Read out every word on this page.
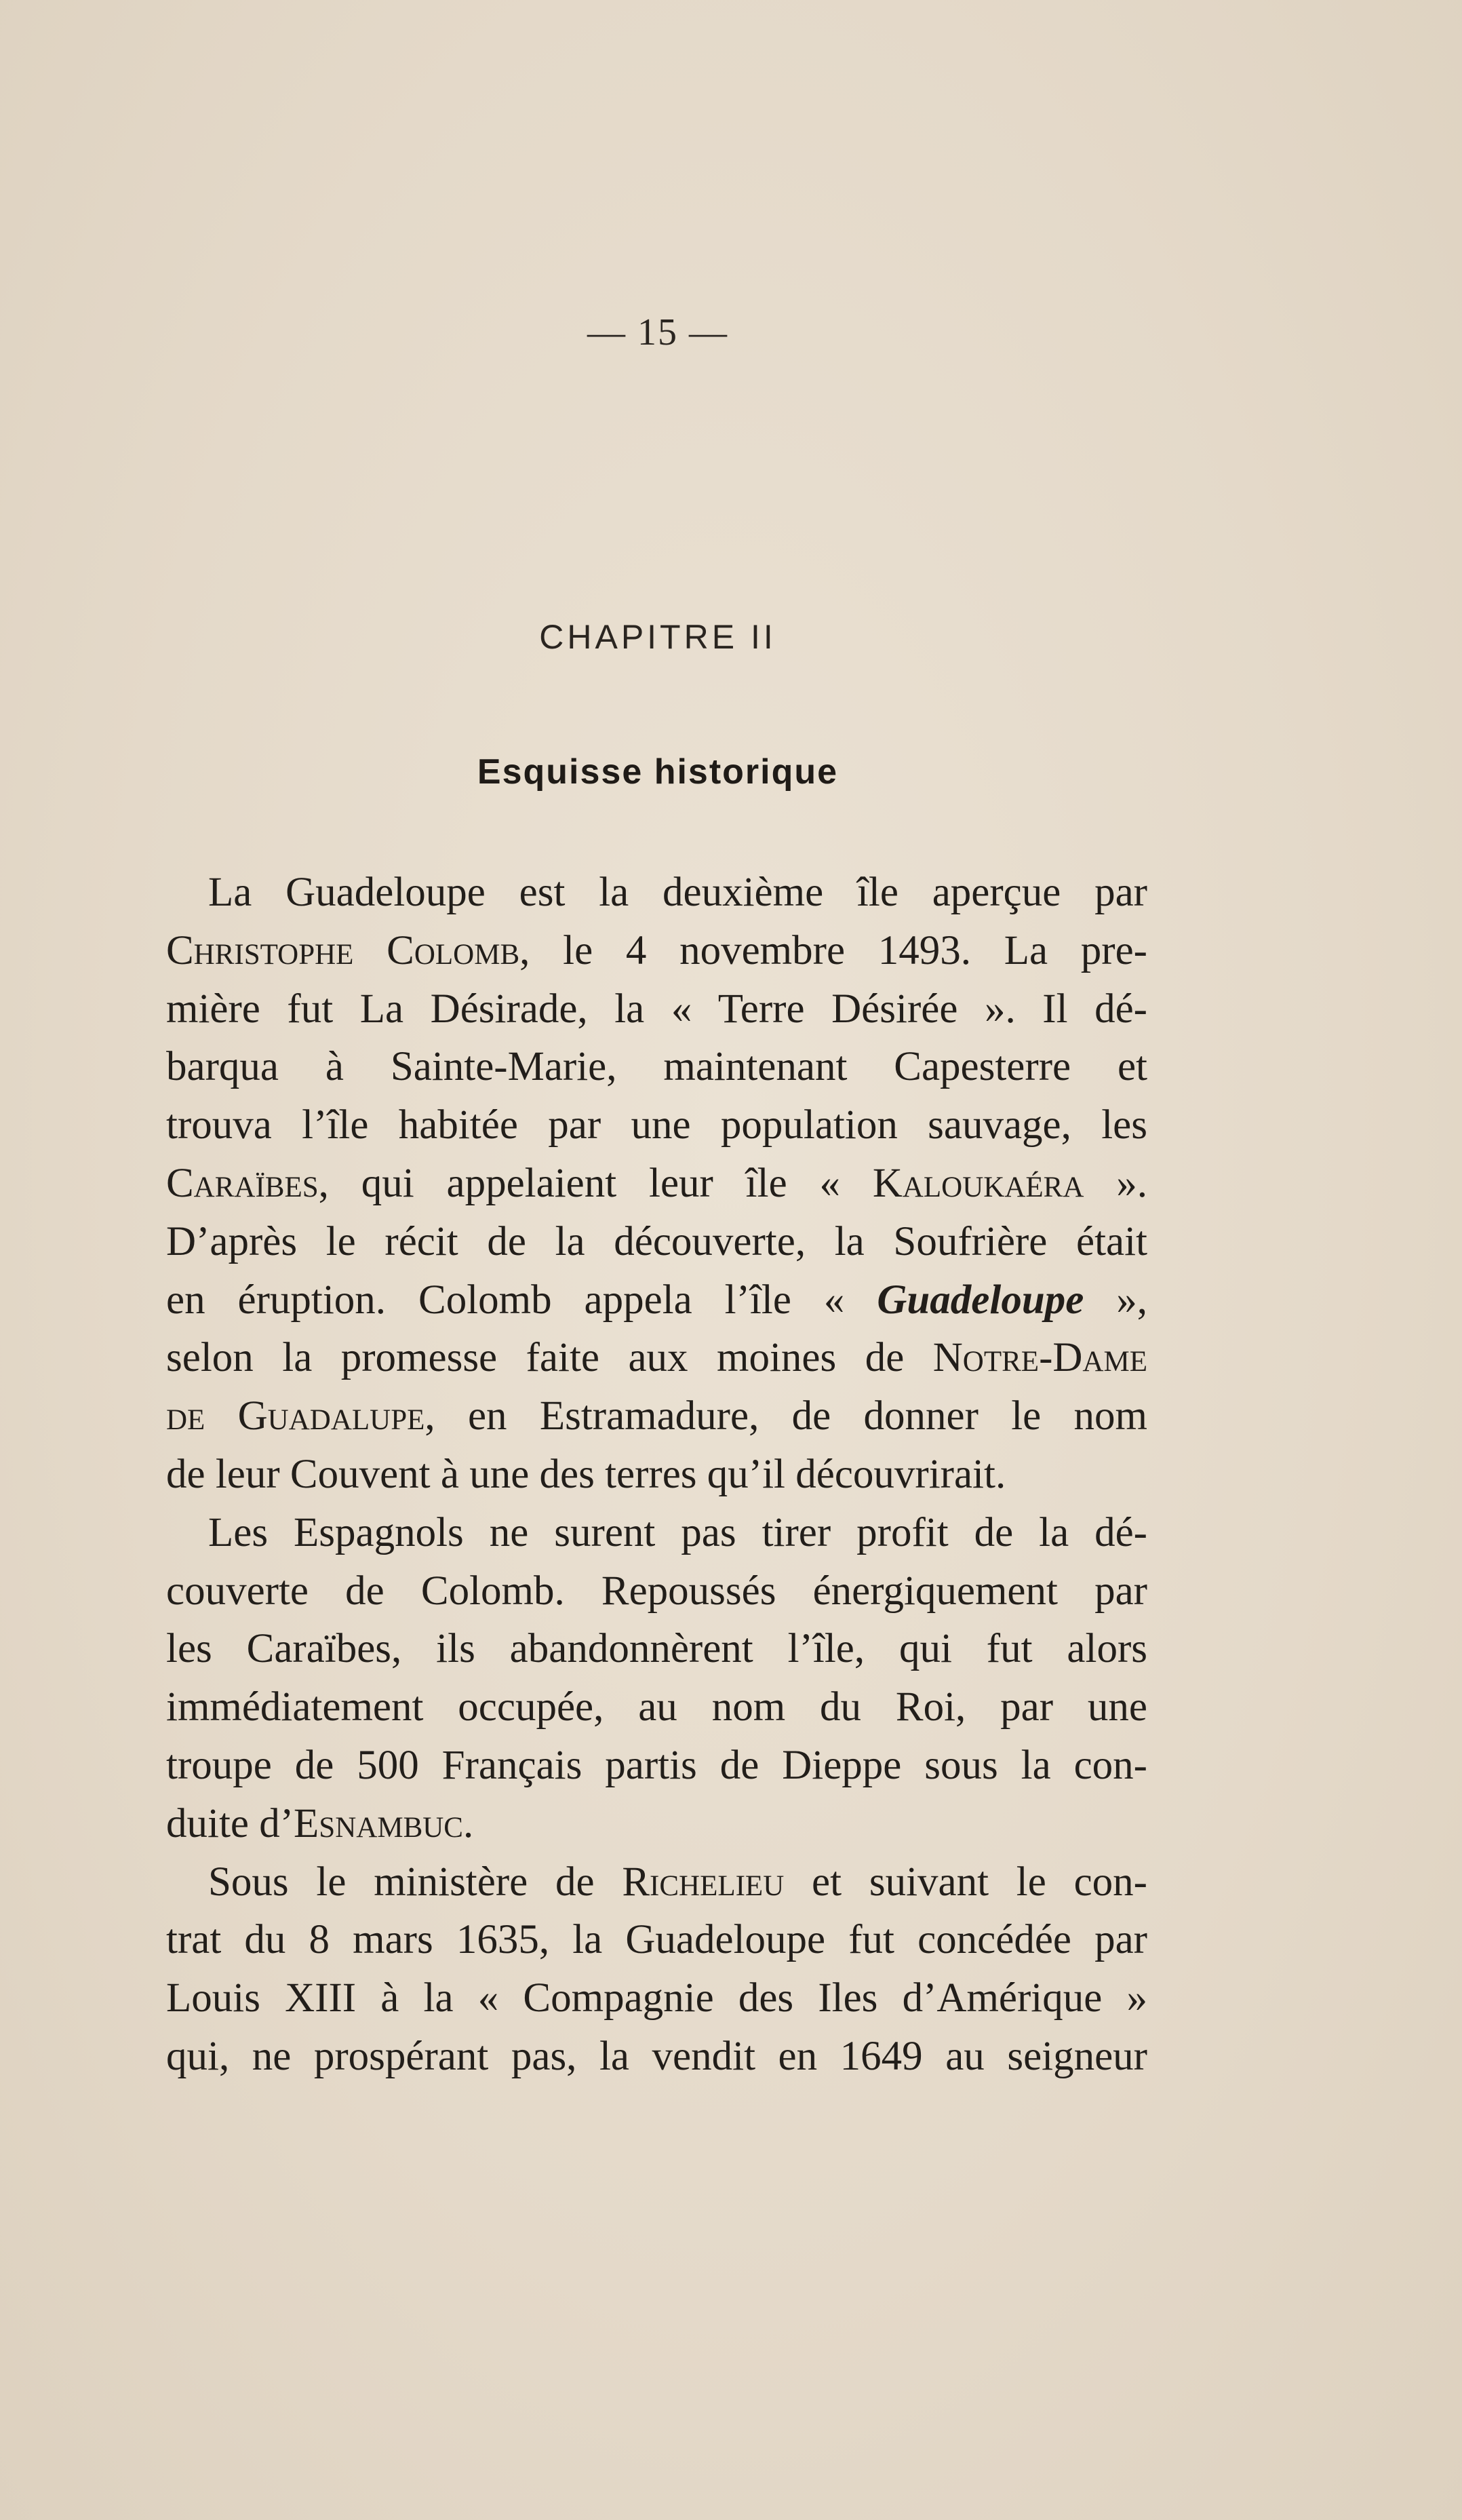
— 15 —
CHAPITRE II
Esquisse historique
La Guadeloupe est la deuxième île aperçue par
Christophe Colomb, le 4 novembre 1493. La pre-
mière fut La Désirade, la « Terre Désirée ». Il dé-
barqua à Sainte-Marie, maintenant Capesterre et
trouva l’île habitée par une population sauvage, les
Caraïbes, qui appelaient leur île « Kaloukaéra ».
D’après le récit de la découverte, la Soufrière était
en éruption. Colomb appela l’île « Guadeloupe »,
selon la promesse faite aux moines de Notre-Dame
de Guadalupe, en Estramadure, de donner le nom
de leur Couvent à une des terres qu’il découvrirait.
Les Espagnols ne surent pas tirer profit de la dé-
couverte de Colomb. Repoussés énergiquement par
les Caraïbes, ils abandonnèrent l’île, qui fut alors
immédiatement occupée, au nom du Roi, par une
troupe de 500 Français partis de Dieppe sous la con-
duite d’Esnambuc.
Sous le ministère de Richelieu et suivant le con-
trat du 8 mars 1635, la Guadeloupe fut concédée par
Louis XIII à la « Compagnie des Iles d’Amérique »
qui, ne prospérant pas, la vendit en 1649 au seigneur
